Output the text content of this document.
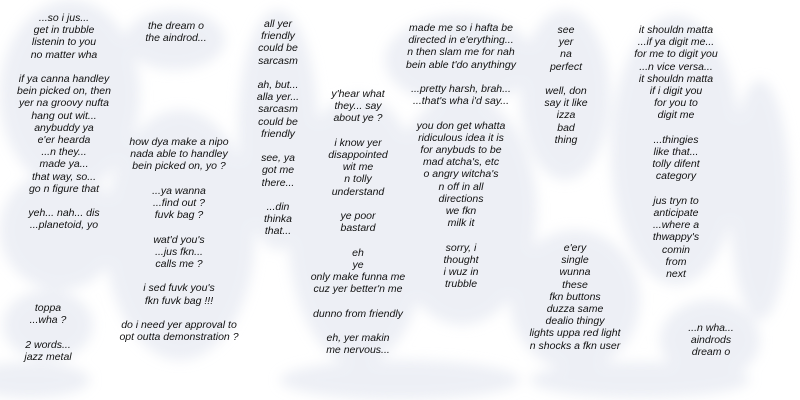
...so i jus...
get in trubble
listenin to you
no matter wha

if ya canna handley
bein picked on, then
yer na groovy nufta
hang out wit...
anybuddy ya
e'er hearda
...n they...
made ya...
that way, so...
go n figure that

yeh... nah... dis
...planetoid, yo
toppa
...wha ?

2 words...
jazz metal
the dream o
the aindrod...
how dya make a nipo
nada able to handley
bein picked on, yo ?

...ya wanna
...find out ?
fuvk bag ?

wat'd you's
...jus fkn...
calls me ?

i sed fuvk you's
fkn fuvk bag !!!

do i need yer approval to
opt outta demonstration ?
all yer
friendly
could be
sarcasm

ah, but...
alla yer...
sarcasm
could be
friendly

see, ya
got me
there...

...din
thinka
that...
y'hear what
they... say
about ye ?

i know yer
disappointed
wit me
n tolly
understand

ye poor
bastard

eh
ye
only make funna me
cuz yer better'n me

dunno from friendly

eh, yer makin
me nervous...
made me so i hafta be
directed in e'erything...
n then slam me for nah
bein able t'do anythingy

...pretty harsh, brah...
...that's wha i'd say...

you don get whatta
ridiculous idea it is
for anybuds to be
mad atcha's, etc
o angry witcha's
n off in all
directions
we fkn
milk it

sorry, i
thought
i wuz in
trubble
see
yer
na
perfect

well, don
say it like
izza
bad
thing
e'ery
single
wunna
these
fkn buttons
duzza same
dealio thingy
lights uppa red light
n shocks a fkn user
it shouldn matta
...if ya digit me...
for me to digit you
...n vice versa...
it shouldn matta
if i digit you
for you to
digit me

...thingies
like that...
tolly difent
category

jus tryn to
anticipate
...where a
thwappy's
comin
from
next
...n wha...
aindrods
dream o
